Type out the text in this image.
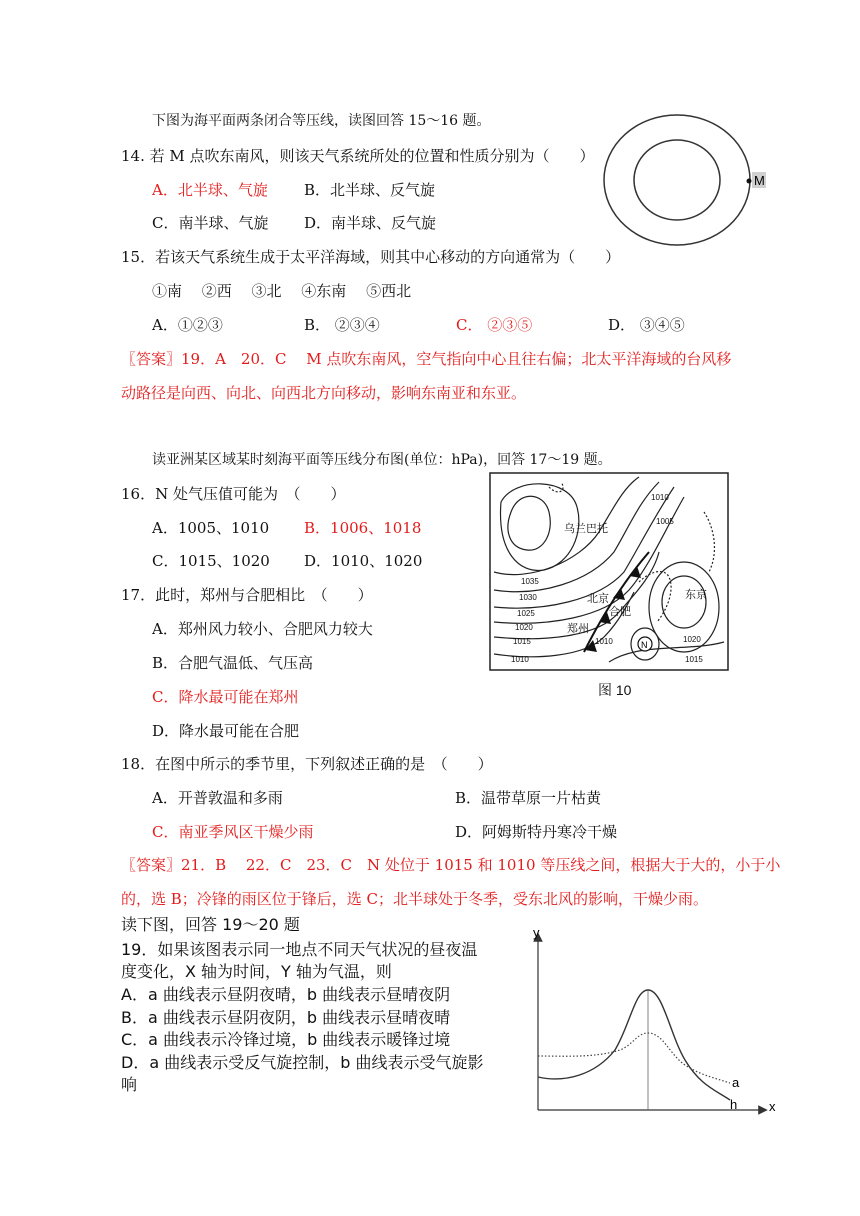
下图为海平面两条闭合等压线，读图回答 15～16 题。
14. 若 M 点吹东南风，则该天气系统所处的位置和性质分别为（　　）
A．北半球、气旋 B．北半球、反气旋
C．南半球、气旋 D．南半球、反气旋
15．若该天气系统生成于太平洋海域，则其中心移动的方向通常为（　　）
①南　 ②西　 ③北　 ④东南　 ⑤西北
A．①②③	B． ②③④	C． ②③⑤	D． ③④⑤
〖答案〗19．A　20．C　 M 点吹东南风，空气指向中心且往右偏；北太平洋海域的台风移
动路径是向西、向北、向西北方向移动，影响东南亚和东亚。
M
读亚洲某区域某时刻海平面等压线分布图(单位：hPa)，回答 17～19 题。
16．N 处气压值可能为　（　　）
A．1005、1010 B．1006、1018
C．1015、1020 D．1010、1020
17．此时，郑州与合肥相比　（　　）
A．郑州风力较小、合肥风力较大
B．合肥气温低、气压高
C．降水最可能在郑州
D．降水最可能在合肥
N
乌兰巴托
北京
郑州
合肥
东京
1035
1030
1025
1020
1015
1010
1010
1010
1005
1020
1015
图 10
18．在图中所示的季节里，下列叙述正确的是　（　　）
A．开普敦温和多雨	B．温带草原一片枯黄
C．南亚季风区干燥少雨	D．阿姆斯特丹寒冷干燥
〖答案〗21．B　 22．C　23．C　N 处位于 1015 和 1010 等压线之间，根据大于大的，小于小
的，选 B；冷锋的雨区位于锋后，选 C；北半球处于冬季，受东北风的影响，干燥少雨。
读下图，回答 19～20 题
19．如果该图表示同一地点不同天气状况的昼夜温
度变化，X 轴为时间，Y 轴为气温，则
A．a 曲线表示昼阴夜晴，b 曲线表示昼晴夜阴
B．a 曲线表示昼阴夜阴，b 曲线表示昼晴夜晴
C．a 曲线表示冷锋过境，b 曲线表示暖锋过境
D．a 曲线表示受反气旋控制，b 曲线表示受气旋影
响
y
x
a
h
